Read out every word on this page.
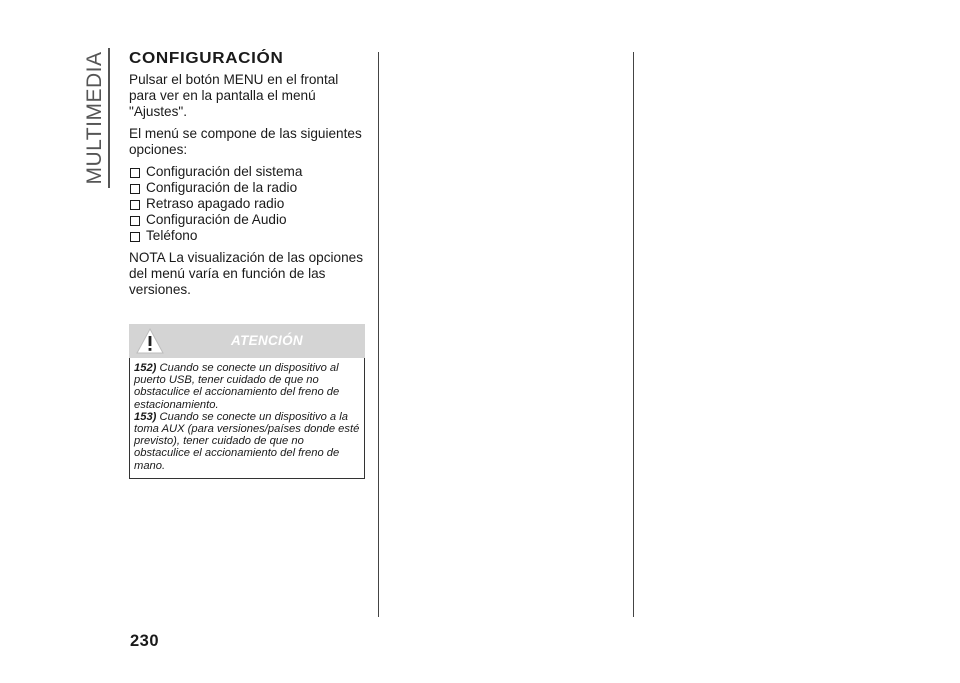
MULTIMEDIA CONFIGURACIÓN

Pulsar el botón MENU en el frontal para ver en la pantalla el menú "Ajustes".

El menú se compone de las siguientes opciones:

Configuración del sistema
Configuración de la radio
Retraso apagado radio
Configuración de Audio
Teléfono

NOTA La visualización de las opciones del menú varía en función de las versiones.

ATENCIÓN

152) Cuando se conecte un dispositivo al puerto USB, tener cuidado de que no obstaculice el accionamiento del freno de estacionamiento.

153) Cuando se conecte un dispositivo a la toma AUX (para versiones/países donde esté previsto), tener cuidado de que no obstaculice el accionamiento del freno de mano.

230
